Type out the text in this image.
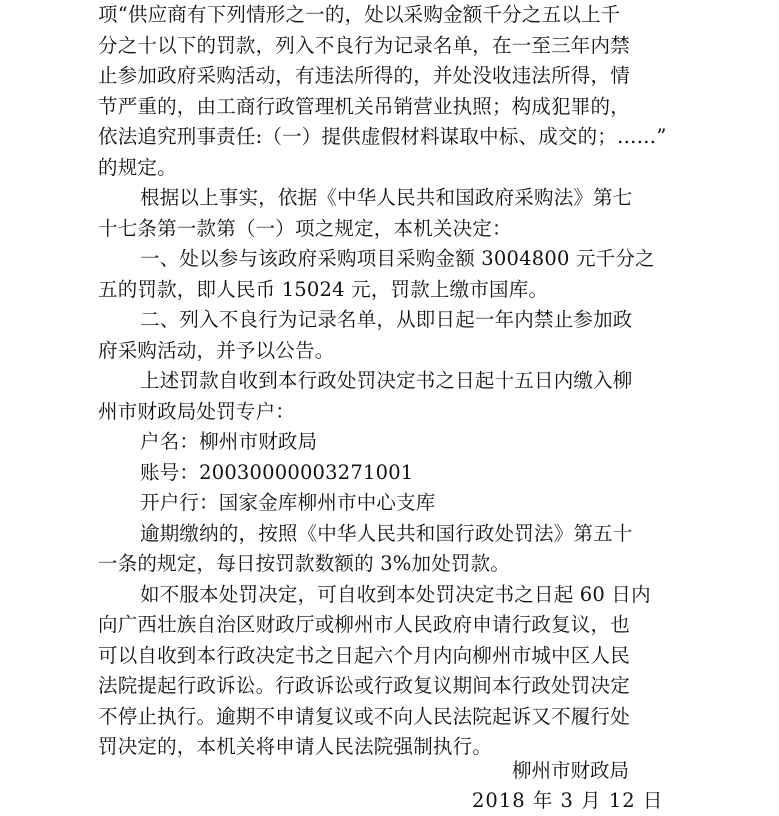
项“供应商有下列情形之一的，处以采购金额千分之五以上千
分之十以下的罚款，列入不良行为记录名单，在一至三年内禁
止参加政府采购活动，有违法所得的，并处没收违法所得，情
节严重的，由工商行政管理机关吊销营业执照；构成犯罪的，
依法追究刑事责任:（一）提供虚假材料谋取中标、成交的；……”
的规定。
根据以上事实，依据《中华人民共和国政府采购法》第七
十七条第一款第（一）项之规定，本机关决定：
一、处以参与该政府采购项目采购金额 3004800 元千分之
五的罚款，即人民币 15024 元，罚款上缴市国库。
二、列入不良行为记录名单，从即日起一年内禁止参加政
府采购活动，并予以公告。
上述罚款自收到本行政处罚决定书之日起十五日内缴入柳
州市财政局处罚专户：
户名：柳州市财政局
账号：20030000003271001
开户行：国家金库柳州市中心支库
逾期缴纳的，按照《中华人民共和国行政处罚法》第五十
一条的规定，每日按罚款数额的 3%加处罚款。
如不服本处罚决定，可自收到本处罚决定书之日起 60 日内
向广西壮族自治区财政厅或柳州市人民政府申请行政复议，也
可以自收到本行政决定书之日起六个月内向柳州市城中区人民
法院提起行政诉讼。行政诉讼或行政复议期间本行政处罚决定
不停止执行。逾期不申请复议或不向人民法院起诉又不履行处
罚决定的，本机关将申请人民法院强制执行。
柳州市财政局
2018 年 3 月 12 日
